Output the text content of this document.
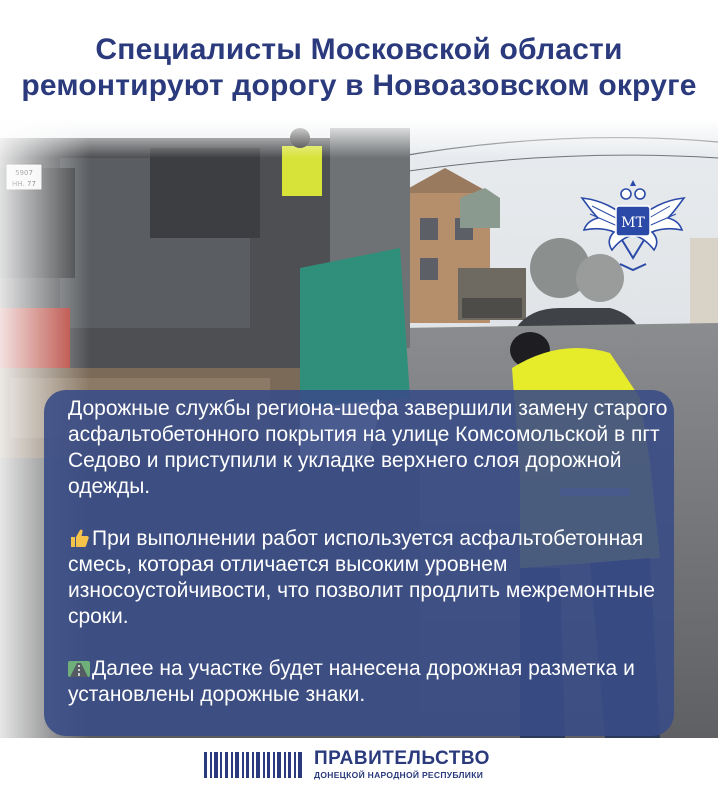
Специалисты Московской области ремонтируют дорогу в Новоазовском округе
МТ

Дорожные службы региона-шефа завершили замену старого асфальтобетонного покрытия на улице Комсомольской в пгт Седово и приступили к укладке верхнего слоя дорожной одежды.

При выполнении работ используется асфальтобетонная смесь, которая отличается высоким уровнем износоустойчивости, что позволит продлить межремонтные сроки.

Далее на участке будет нанесена дорожная разметка и установлены дорожные знаки.

ПРАВИТЕЛЬСТВО
ДОНЕЦКОЙ НАРОДНОЙ РЕСПУБЛИКИ
